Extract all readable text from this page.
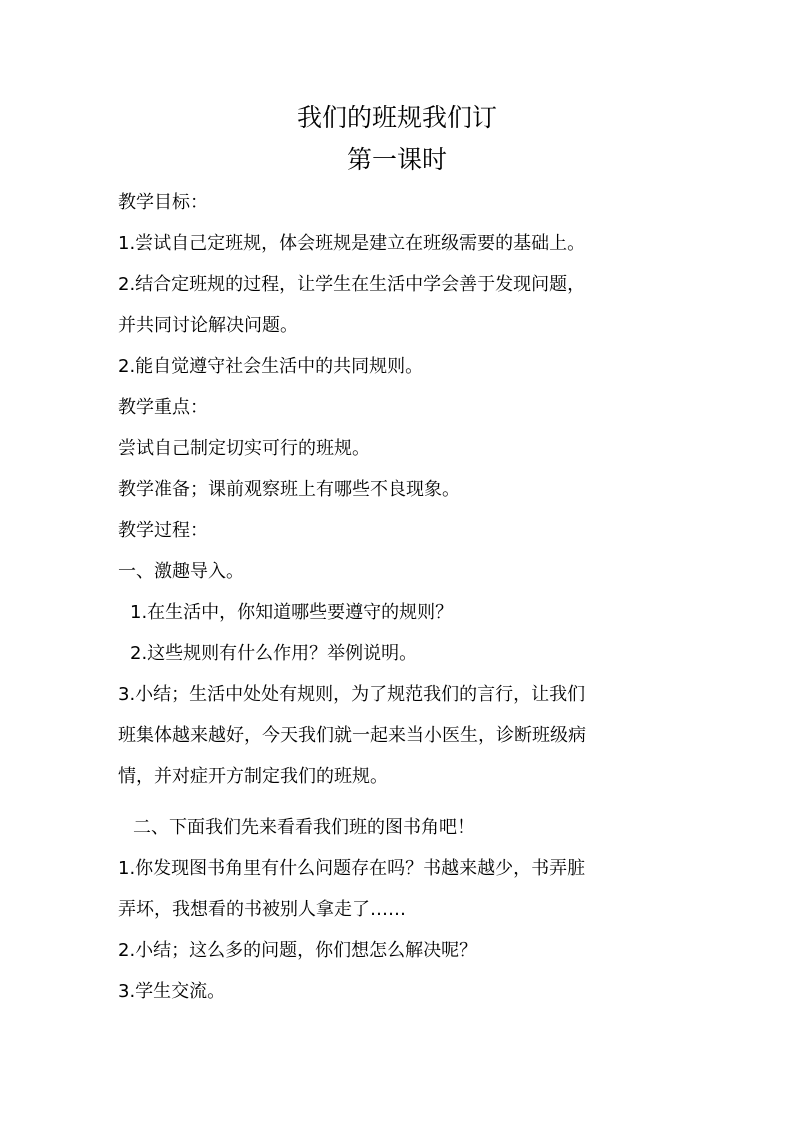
我们的班规我们订
第一课时
教学目标：
1.尝试自己定班规，体会班规是建立在班级需要的基础上。
2.结合定班规的过程，让学生在生活中学会善于发现问题，
并共同讨论解决问题。
2.能自觉遵守社会生活中的共同规则。
教学重点：
尝试自己制定切实可行的班规。
教学准备；课前观察班上有哪些不良现象。
教学过程：
一、激趣导入。
1.在生活中，你知道哪些要遵守的规则？
2.这些规则有什么作用？举例说明。
3.小结；生活中处处有规则，为了规范我们的言行，让我们
班集体越来越好，今天我们就一起来当小医生，诊断班级病
情，并对症开方制定我们的班规。
二、下面我们先来看看我们班的图书角吧！
1.你发现图书角里有什么问题存在吗？书越来越少，书弄脏
弄坏，我想看的书被别人拿走了……
2.小结；这么多的问题，你们想怎么解决呢？
3.学生交流。
